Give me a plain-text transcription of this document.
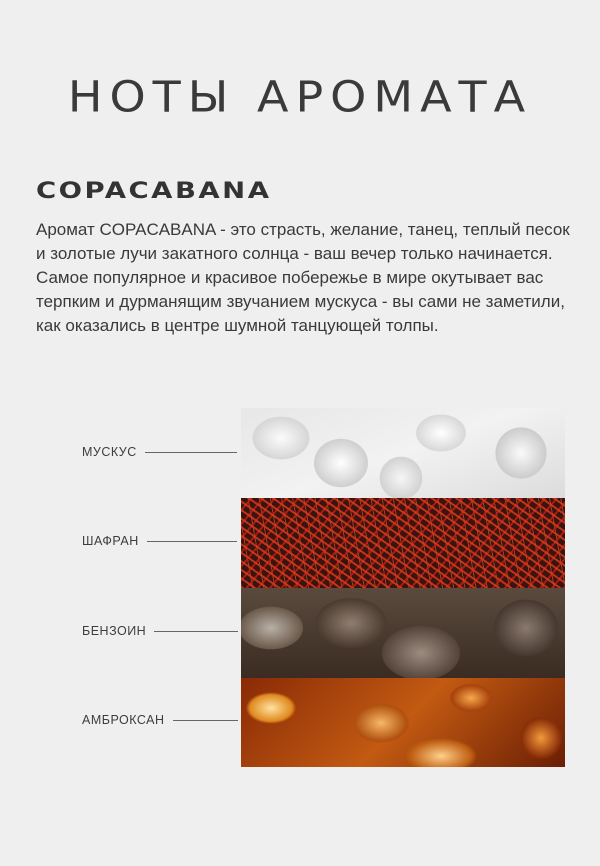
НОТЫ АРОМАТА
COPACABANA
Аромат COPACABANA - это страсть, желание, танец, теплый песок и золотые лучи закатного солнца - ваш вечер только начинается. Самое популярное и красивое побережье в мире окутывает вас терпким и дурманящим звучанием мускуса - вы сами не заметили, как оказались в центре шумной танцующей толпы.
МУСКУС
ШАФРАН
БЕНЗОИН
АМБРОКСАН
